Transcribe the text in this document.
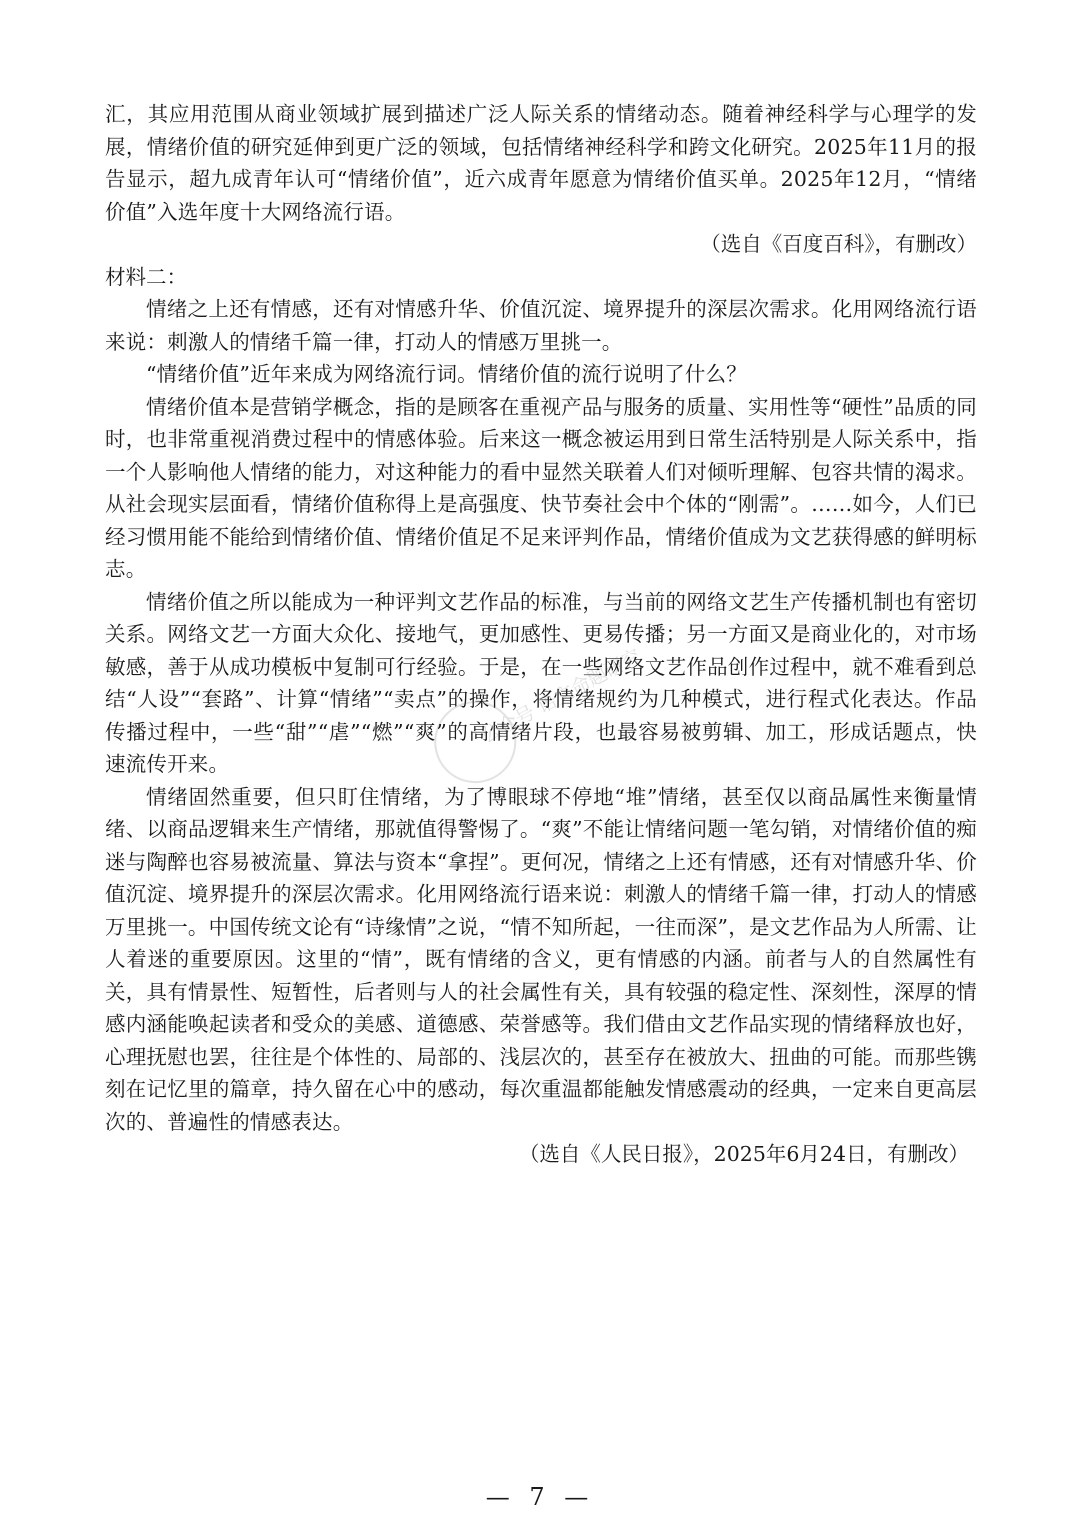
汇，其应用范围从商业领域扩展到描述广泛人际关系的情绪动态。随着神经科学与心理学的发展，情绪价值的研究延伸到更广泛的领域，包括情绪神经科学和跨文化研究。2025年11月的报告显示，超九成青年认可“情绪价值”，近六成青年愿意为情绪价值买单。2025年12月，“情绪价值”入选年度十大网络流行语。

（选自《百度百科》，有删改）

材料二：

情绪之上还有情感，还有对情感升华、价值沉淀、境界提升的深层次需求。化用网络流行语来说：刺激人的情绪千篇一律，打动人的情感万里挑一。

“情绪价值”近年来成为网络流行词。情绪价值的流行说明了什么？

情绪价值本是营销学概念，指的是顾客在重视产品与服务的质量、实用性等“硬性”品质的同时，也非常重视消费过程中的情感体验。后来这一概念被运用到日常生活特别是人际关系中，指一个人影响他人情绪的能力，对这种能力的看中显然关联着人们对倾听理解、包容共情的渴求。从社会现实层面看，情绪价值称得上是高强度、快节奏社会中个体的“刚需”。……如今，人们已经习惯用能不能给到情绪价值、情绪价值足不足来评判作品，情绪价值成为文艺获得感的鲜明标志。

情绪价值之所以能成为一种评判文艺作品的标准，与当前的网络文艺生产传播机制也有密切关系。网络文艺一方面大众化、接地气，更加感性、更易传播；另一方面又是商业化的，对市场敏感，善于从成功模板中复制可行经验。于是，在一些网络文艺作品创作过程中，就不难看到总结“人设”“套路”、计算“情绪”“卖点”的操作，将情绪规约为几种模式，进行程式化表达。作品传播过程中，一些“甜”“虐”“燃”“爽”的高情绪片段，也最容易被剪辑、加工，形成话题点，快速流传开来。

情绪固然重要，但只盯住情绪，为了博眼球不停地“堆”情绪，甚至仅以商品属性来衡量情绪、以商品逻辑来生产情绪，那就值得警惕了。“爽”不能让情绪问题一笔勾销，对情绪价值的痴迷与陶醉也容易被流量、算法与资本“拿捏”。更何况，情绪之上还有情感，还有对情感升华、价值沉淀、境界提升的深层次需求。化用网络流行语来说：刺激人的情绪千篇一律，打动人的情感万里挑一。中国传统文论有“诗缘情”之说，“情不知所起，一往而深”，是文艺作品为人所需、让人着迷的重要原因。这里的“情”，既有情绪的含义，更有情感的内涵。前者与人的自然属性有关，具有情景性、短暂性，后者则与人的社会属性有关，具有较强的稳定性、深刻性，深厚的情感内涵能唤起读者和受众的美感、道德感、荣誉感等。我们借由文艺作品实现的情绪释放也好，心理抚慰也罢，往往是个体性的、局部的、浅层次的，甚至存在被放大、扭曲的可能。而那些镌刻在记忆里的篇章，持久留在心中的感动，每次重温都能触发情感震动的经典，一定来自更高层次的、普遍性的情感表达。

（选自《人民日报》，2025年6月24日，有删改）

公众号 语文命题研究
— 7 —
